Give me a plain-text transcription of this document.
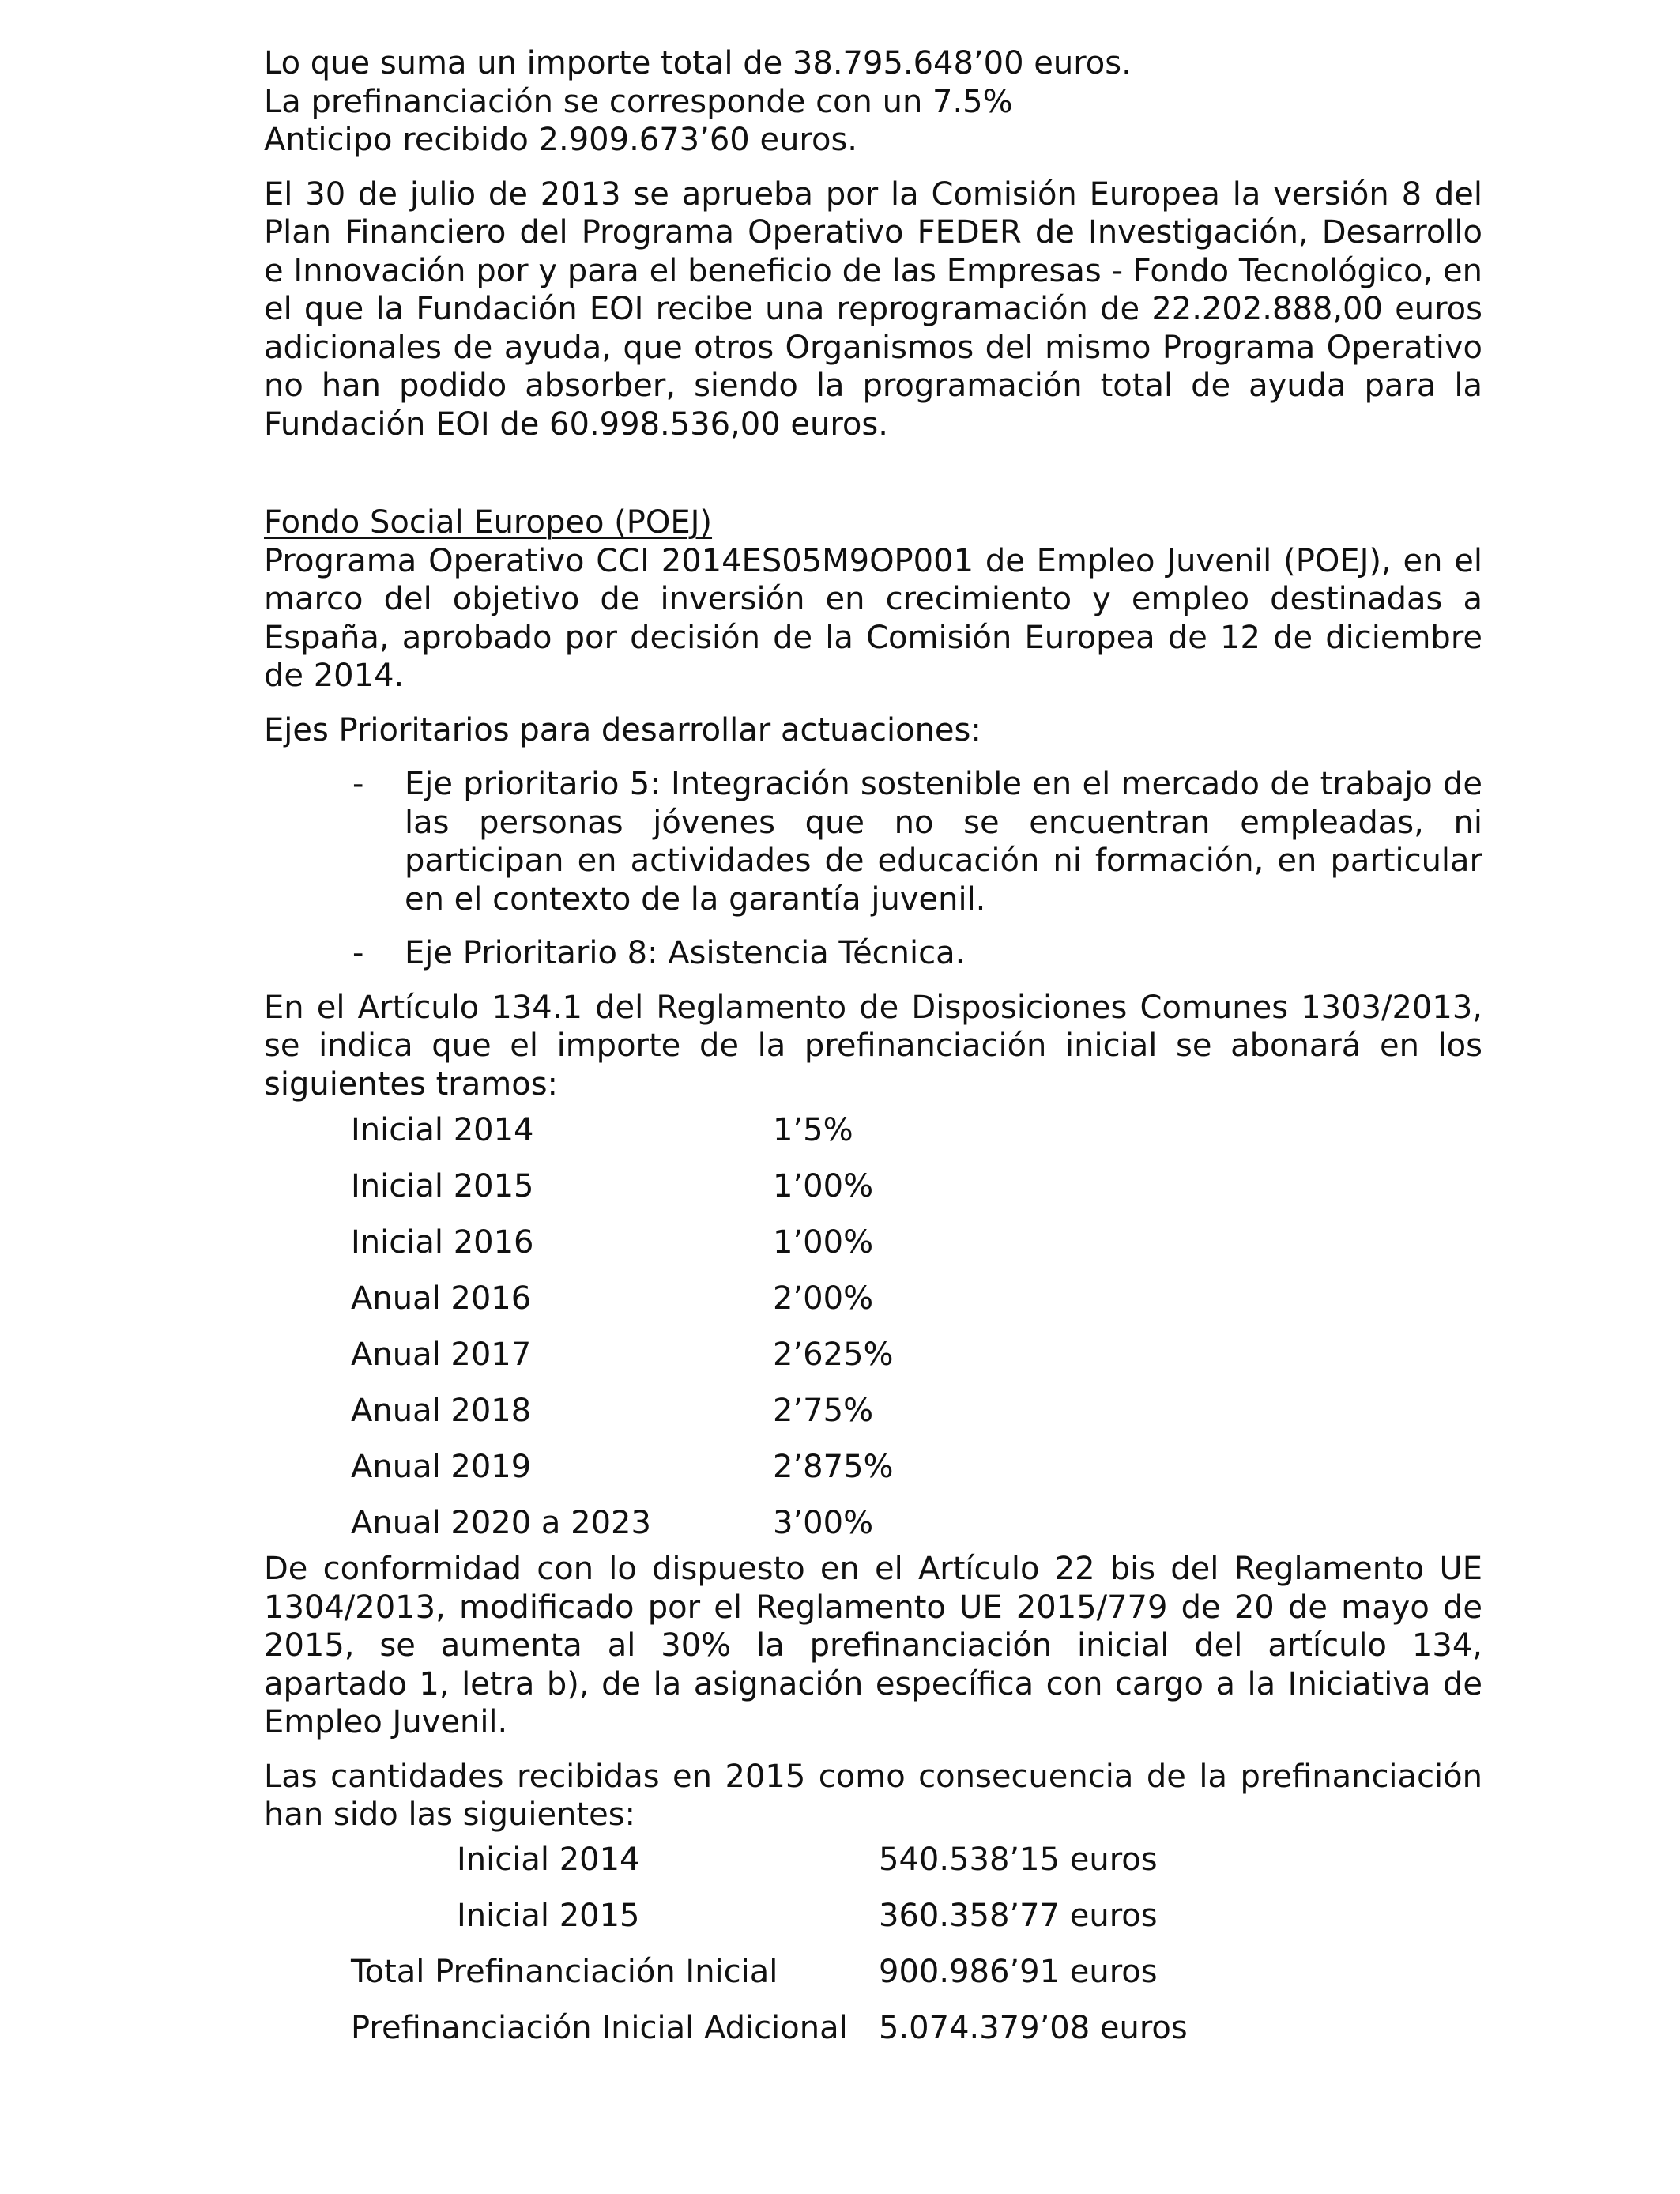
Lo que suma un importe total de 38.795.648’00 euros.
La prefinanciación se corresponde con un 7.5%
Anticipo recibido 2.909.673’60 euros.

El 30 de julio de 2013 se aprueba por la Comisión Europea la versión 8 del Plan Financiero del Programa Operativo FEDER de Investigación, Desarrollo e Innovación por y para el beneficio de las Empresas - Fondo Tecnológico, en el que la Fundación EOI recibe una reprogramación de 22.202.888,00 euros adicionales de ayuda, que otros Organismos del mismo Programa Operativo no han podido absorber, siendo la programación total de ayuda para la Fundación EOI de 60.998.536,00 euros.

Fondo Social Europeo (POEJ)

Programa Operativo CCI 2014ES05M9OP001 de Empleo Juvenil (POEJ), en el marco del objetivo de inversión en crecimiento y empleo destinadas a España, aprobado por decisión de la Comisión Europea de 12 de diciembre de 2014.

Ejes Prioritarios para desarrollar actuaciones:
- Eje prioritario 5: Integración sostenible en el mercado de trabajo de las personas jóvenes que no se encuentran empleadas, ni participan en actividades de educación ni formación, en particular en el contexto de la garantía juvenil.

- Eje Prioritario 8: Asistencia Técnica.

En el Artículo 134.1 del Reglamento de Disposiciones Comunes 1303/2013, se indica que el importe de la prefinanciación inicial se abonará en los siguientes tramos:

Inicial 2014	1’5%
Inicial 2015	1’00%
Inicial 2016	1’00%
Anual 2016	2’00%
Anual 2017	2’625%
Anual 2018	2’75%
Anual 2019	2’875%
Anual 2020 a 2023	3’00%

De conformidad con lo dispuesto en el Artículo 22 bis del Reglamento UE 1304/2013, modificado por el Reglamento UE 2015/779 de 20 de mayo de 2015, se aumenta al 30% la prefinanciación inicial del artículo 134, apartado 1, letra b), de la asignación específica con cargo a la Iniciativa de Empleo Juvenil.

Las cantidades recibidas en 2015 como consecuencia de la prefinanciación han sido las siguientes:

Inicial 2014	540.538’15 euros
Inicial 2015	360.358’77 euros
Total Prefinanciación Inicial	900.986’91 euros
Prefinanciación Inicial Adicional 5.074.379’08 euros
